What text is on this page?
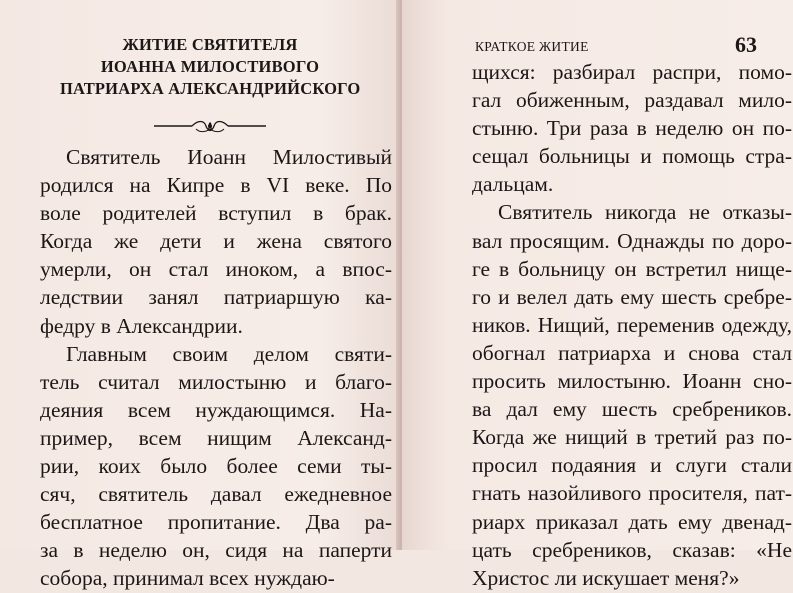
ЖИТИЕ СВЯТИТЕЛЯ
ИОАННА МИЛОСТИВОГО
ПАТРИАРХА АЛЕКСАНДРИЙСКОГО
Святитель Иоанн Милостивый
родился на Кипре в VI веке. По
воле родителей вступил в брак.
Когда же дети и жена святого
умерли, он стал иноком, а впос-
ледствии занял патриаршую ка-
федру в Александрии.
Главным своим делом святи-
тель считал милостыню и благо-
деяния всем нуждающимся. На-
пример, всем нищим Александ-
рии, коих было более семи ты-
сяч, святитель давал ежедневное
бесплатное пропитание. Два ра-
за в неделю он, сидя на паперти
собора, принимал всех нуждаю-
КРАТКОЕ ЖИТИЕ	63
щихся: разбирал распри, помо-
гал обиженным, раздавал мило-
стыню. Три раза в неделю он по-
сещал больницы и помощь стра-
дальцам.
Святитель никогда не отказы-
вал просящим. Однажды по доро-
ге в больницу он встретил нище-
го и велел дать ему шесть сребре-
ников. Нищий, переменив одежду,
обогнал патриарха и снова стал
просить милостыню. Иоанн сно-
ва дал ему шесть сребреников.
Когда же нищий в третий раз по-
просил подаяния и слуги стали
гнать назойливого просителя, пат-
риарх приказал дать ему двенад-
цать сребреников, сказав: «Не
Христос ли искушает меня?»
